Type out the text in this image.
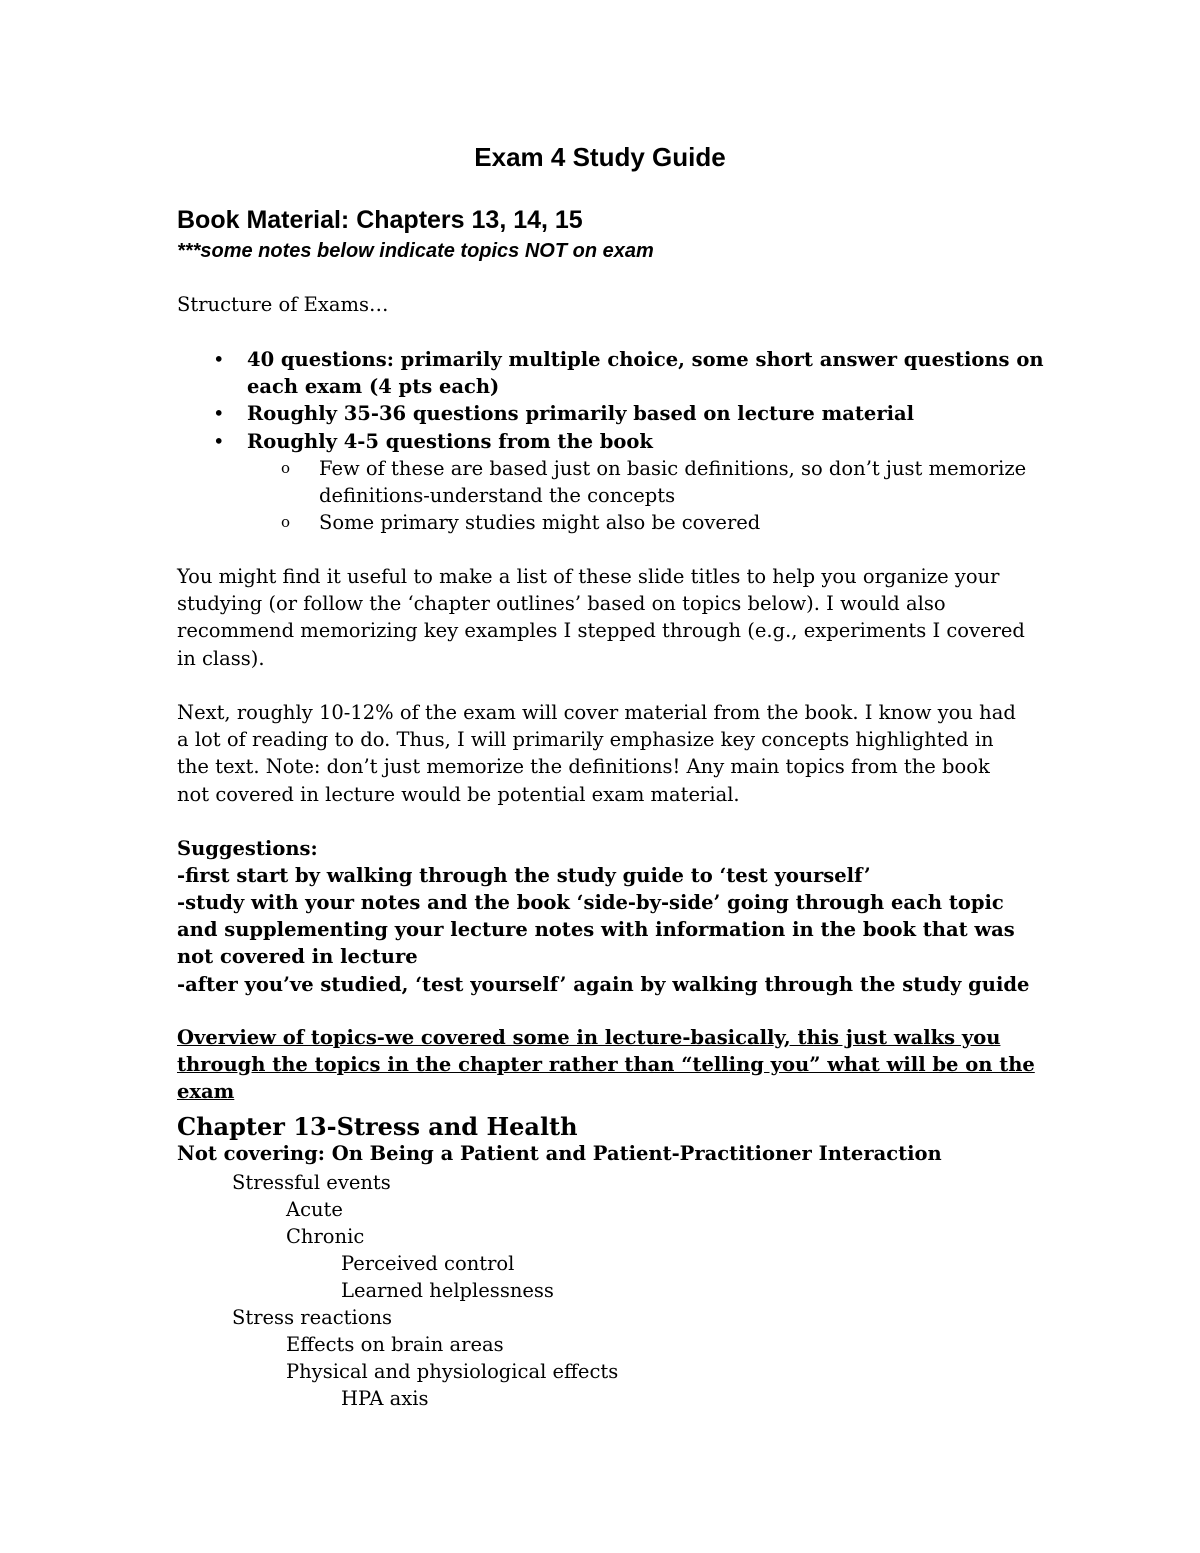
Exam 4 Study Guide
Book Material: Chapters 13, 14, 15
***some notes below indicate topics NOT on exam
Structure of Exams…
• 40 questions: primarily multiple choice, some short answer questions on each exam (4 pts each)
• Roughly 35-36 questions primarily based on lecture material
• Roughly 4-5 questions from the book
o Few of these are based just on basic definitions, so don’t just memorize definitions-understand the concepts
o Some primary studies might also be covered
You might find it useful to make a list of these slide titles to help you organize your studying (or follow the ‘chapter outlines’ based on topics below). I would also recommend memorizing key examples I stepped through (e.g., experiments I covered in class).
Next, roughly 10-12% of the exam will cover material from the book. I know you had a lot of reading to do. Thus, I will primarily emphasize key concepts highlighted in the text. Note: don’t just memorize the definitions! Any main topics from the book not covered in lecture would be potential exam material.
Suggestions:
-first start by walking through the study guide to ‘test yourself’
-study with your notes and the book ‘side-by-side’ going through each topic and supplementing your lecture notes with information in the book that was not covered in lecture
-after you’ve studied, ‘test yourself’ again by walking through the study guide
Overview of topics-we covered some in lecture-basically, this just walks you through the topics in the chapter rather than “telling you” what will be on the exam
Chapter 13-Stress and Health
Not covering: On Being a Patient and Patient-Practitioner Interaction
Stressful events
Acute
Chronic
Perceived control
Learned helplessness
Stress reactions
Effects on brain areas
Physical and physiological effects
HPA axis
